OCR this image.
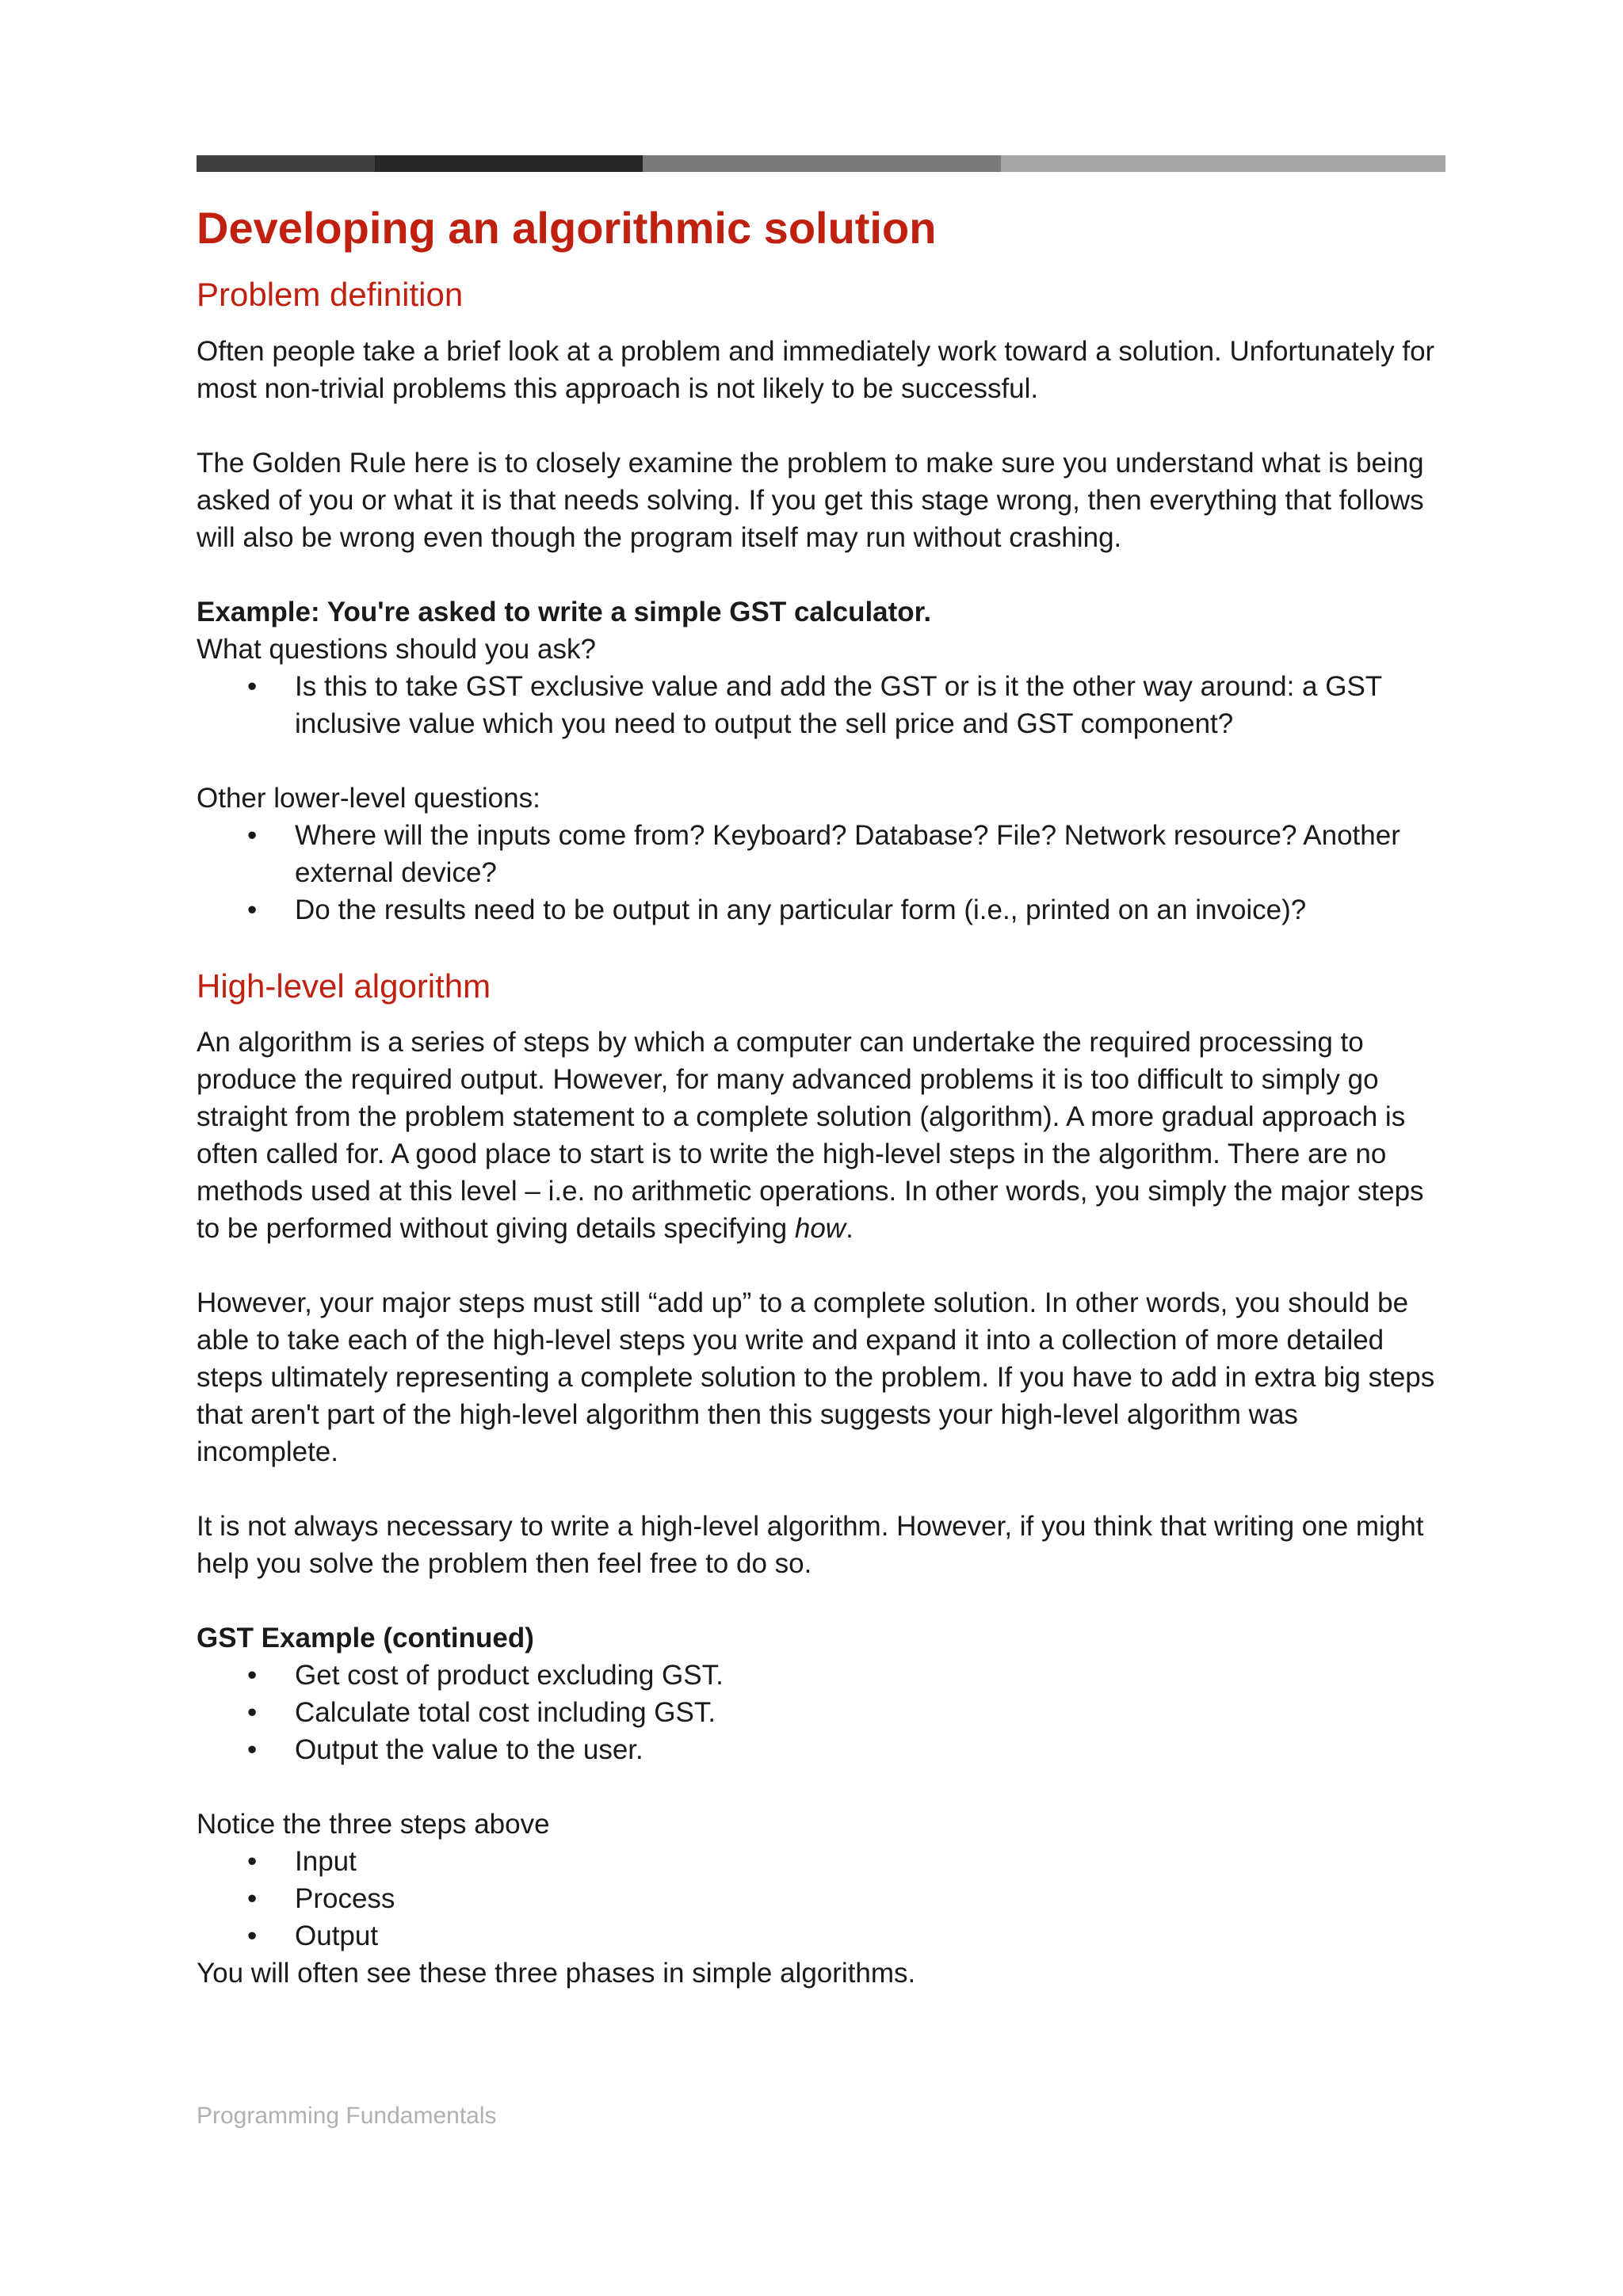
Developing an algorithmic solution
Problem definition

Often people take a brief look at a problem and immediately work toward a solution. Unfortunately for most non-trivial problems this approach is not likely to be successful.

The Golden Rule here is to closely examine the problem to make sure you understand what is being asked of you or what it is that needs solving. If you get this stage wrong, then everything that follows will also be wrong even though the program itself may run without crashing.

Example: You're asked to write a simple GST calculator.

What questions should you ask?

• Is this to take GST exclusive value and add the GST or is it the other way around: a GST inclusive value which you need to output the sell price and GST component?

Other lower-level questions:

• Where will the inputs come from? Keyboard? Database? File? Network resource? Another external device?
• Do the results need to be output in any particular form (i.e., printed on an invoice)?
High-level algorithm

An algorithm is a series of steps by which a computer can undertake the required processing to produce the required output. However, for many advanced problems it is too difficult to simply go straight from the problem statement to a complete solution (algorithm). A more gradual approach is often called for. A good place to start is to write the high-level steps in the algorithm. There are no methods used at this level – i.e. no arithmetic operations. In other words, you simply the major steps to be performed without giving details specifying how.

However, your major steps must still “add up” to a complete solution. In other words, you should be able to take each of the high-level steps you write and expand it into a collection of more detailed steps ultimately representing a complete solution to the problem. If you have to add in extra big steps that aren't part of the high-level algorithm then this suggests your high-level algorithm was incomplete.

It is not always necessary to write a high-level algorithm. However, if you think that writing one might help you solve the problem then feel free to do so.

GST Example (continued)

• Get cost of product excluding GST.
• Calculate total cost including GST.
• Output the value to the user.

Notice the three steps above

• Input
• Process
• Output

You will often see these three phases in simple algorithms.

Programming Fundamentals
